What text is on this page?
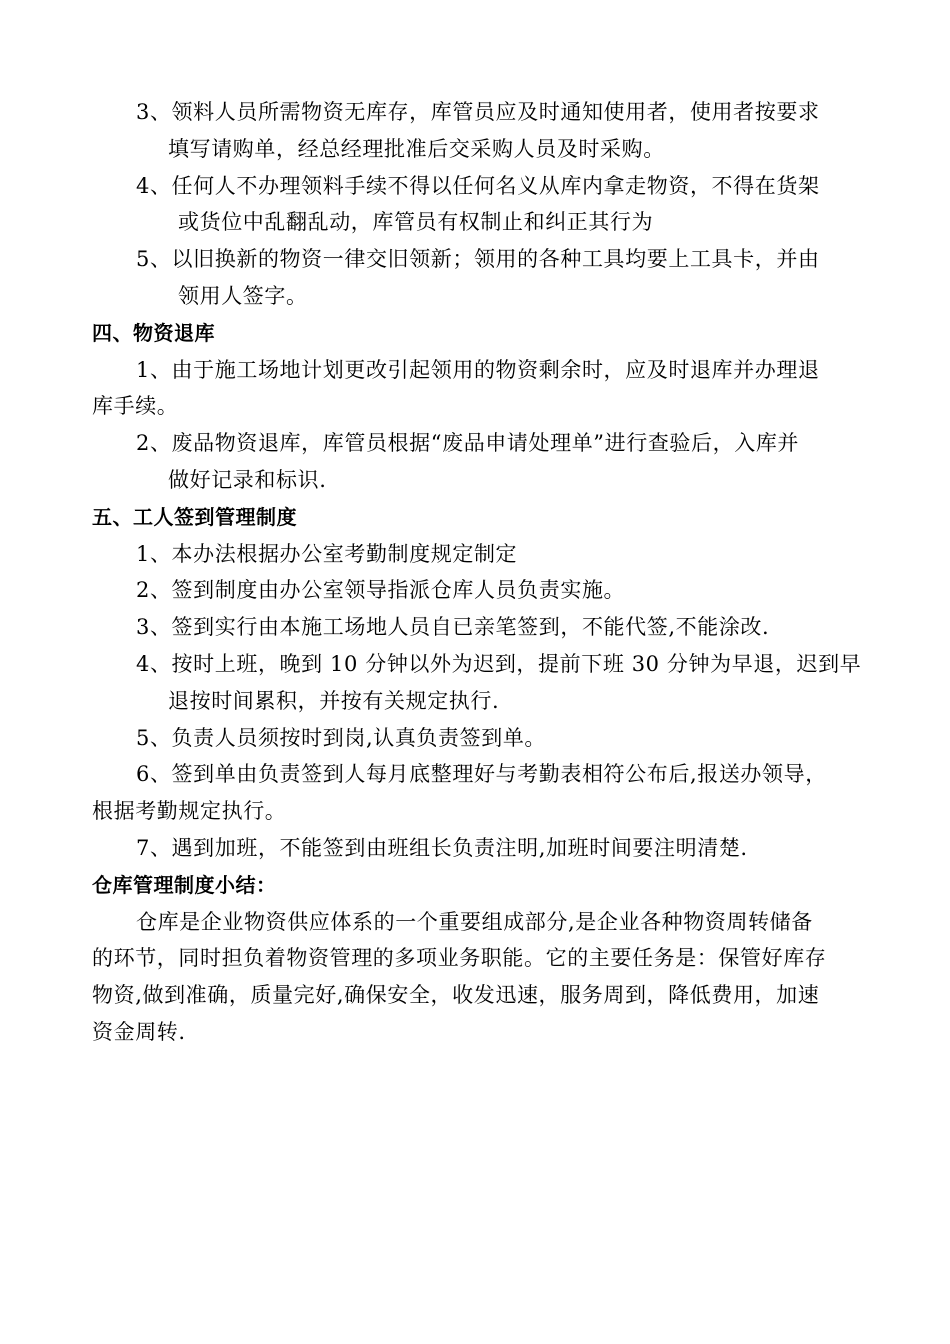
3、领料人员所需物资无库存，库管员应及时通知使用者，使用者按要求
填写请购单，经总经理批准后交采购人员及时采购。
4、任何人不办理领料手续不得以任何名义从库内拿走物资，不得在货架
或货位中乱翻乱动，库管员有权制止和纠正其行为
5、以旧换新的物资一律交旧领新；领用的各种工具均要上工具卡，并由
领用人签字。
四、物资退库
1、由于施工场地计划更改引起领用的物资剩余时，应及时退库并办理退
库手续。
2、废品物资退库，库管员根据“废品申请处理单”进行查验后，入库并
做好记录和标识.
五、工人签到管理制度
1、本办法根据办公室考勤制度规定制定
2、签到制度由办公室领导指派仓库人员负责实施。
3、签到实行由本施工场地人员自已亲笔签到，不能代签,不能涂改.
4、按时上班，晚到 10 分钟以外为迟到，提前下班 30 分钟为早退，迟到早
退按时间累积，并按有关规定执行.
5、负责人员须按时到岗,认真负责签到单。
6、签到单由负责签到人每月底整理好与考勤表相符公布后,报送办领导，
根据考勤规定执行。
7、遇到加班，不能签到由班组长负责注明,加班时间要注明清楚.
仓库管理制度小结：
仓库是企业物资供应体系的一个重要组成部分,是企业各种物资周转储备
的环节，同时担负着物资管理的多项业务职能。它的主要任务是：保管好库存
物资,做到准确，质量完好,确保安全，收发迅速，服务周到，降低费用，加速
资金周转.
